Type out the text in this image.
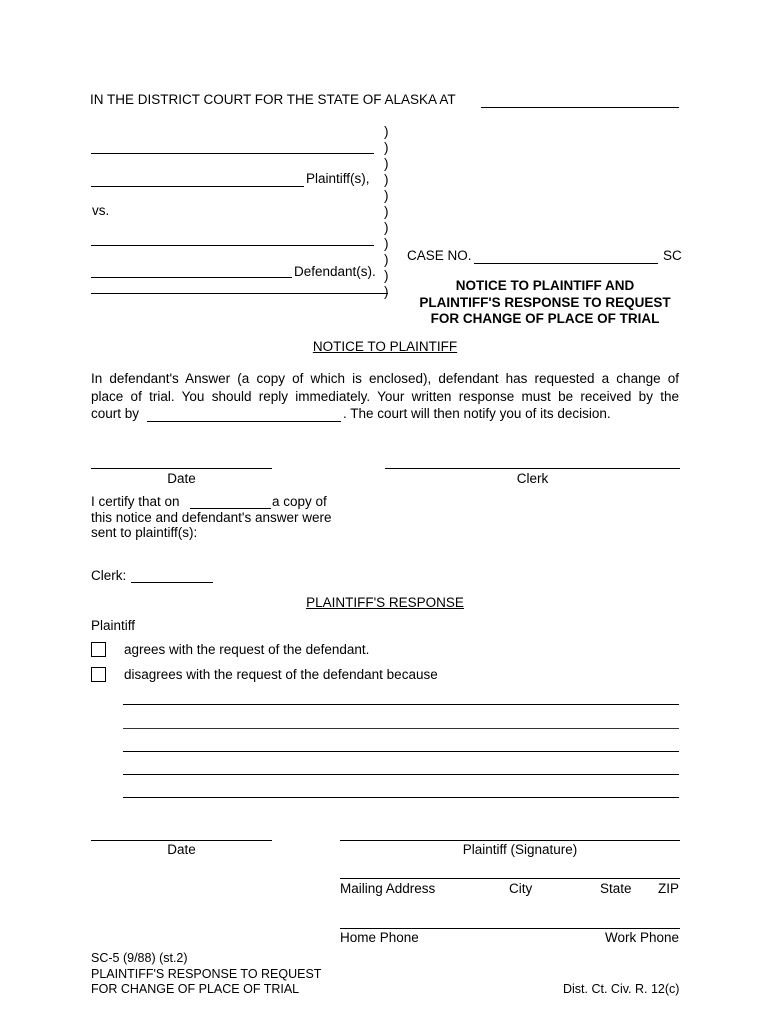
IN THE DISTRICT COURT FOR THE STATE OF ALASKA AT
Plaintiff(s),
vs.
Defendant(s).
)
)
)
)
)
)
)
)
)
)
)
CASE NO.	SC
NOTICE TO PLAINTIFF AND
PLAINTIFF'S RESPONSE TO REQUEST
FOR CHANGE OF PLACE OF TRIAL
NOTICE TO PLAINTIFF
In defendant's Answer (a copy of which is enclosed), defendant has requested a change of
place of trial. You should reply immediately. Your written response must be received by the
court by	. The court will then notify you of its decision.
Date	Clerk
I certify that on	a copy of
this notice and defendant's answer were
sent to plaintiff(s):
Clerk:
PLAINTIFF'S RESPONSE
Plaintiff
agrees with the request of the defendant.
disagrees with the request of the defendant because
Date	Plaintiff (Signature)
Mailing Address	City	State ZIP
Home Phone	Work Phone
SC-5 (9/88) (st.2)
PLAINTIFF'S RESPONSE TO REQUEST
FOR CHANGE OF PLACE OF TRIAL	Dist. Ct. Civ. R. 12(c)
